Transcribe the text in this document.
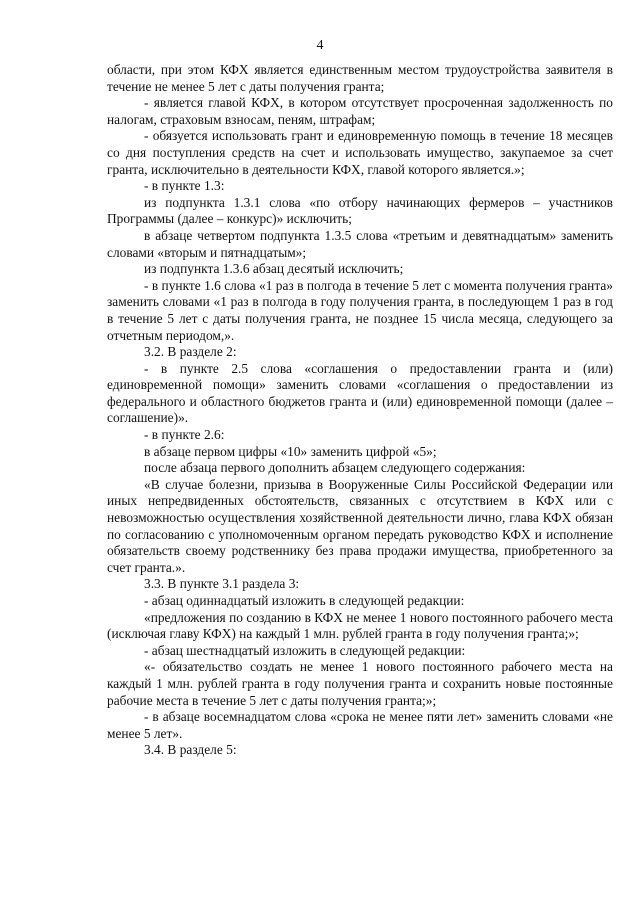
4

области, при этом КФХ является единственным местом трудоустройства заявителя в течение не менее 5 лет с даты получения гранта;

- является главой КФХ, в котором отсутствует просроченная задолженность по налогам, страховым взносам, пеням, штрафам;

- обязуется использовать грант и единовременную помощь в течение 18 месяцев со дня поступления средств на счет и использовать имущество, закупаемое за счет гранта, исключительно в деятельности КФХ, главой которого является.»;

- в пункте 1.3:

из подпункта 1.3.1 слова «по отбору начинающих фермеров – участников Программы (далее – конкурс)» исключить;

в абзаце четвертом подпункта 1.3.5 слова «третьим и девятнадцатым» заменить словами «вторым и пятнадцатым»;

из подпункта 1.3.6 абзац десятый исключить;

- в пункте 1.6 слова «1 раз в полгода в течение 5 лет с момента получения гранта» заменить словами «1 раз в полгода в году получения гранта, в последующем 1 раз в год в течение 5 лет с даты получения гранта, не позднее 15 числа месяца, следующего за отчетным периодом,».

3.2. В разделе 2:

- в пункте 2.5 слова «соглашения о предоставлении гранта и (или) единовременной помощи» заменить словами «соглашения о предоставлении из федерального и областного бюджетов гранта и (или) единовременной помощи (далее – соглашение)».

- в пункте 2.6:

в абзаце первом цифры «10» заменить цифрой «5»;

после абзаца первого дополнить абзацем следующего содержания:

«В случае болезни, призыва в Вооруженные Силы Российской Федерации или иных непредвиденных обстоятельств, связанных с отсутствием в КФХ или с невозможностью осуществления хозяйственной деятельности лично, глава КФХ обязан по согласованию с уполномоченным органом передать руководство КФХ и исполнение обязательств своему родственнику без права продажи имущества, приобретенного за счет гранта.».

3.3. В пункте 3.1 раздела 3:

- абзац одиннадцатый изложить в следующей редакции:

«предложения по созданию в КФХ не менее 1 нового постоянного рабочего места (исключая главу КФХ) на каждый 1 млн. рублей гранта в году получения гранта;»;

- абзац шестнадцатый изложить в следующей редакции:

«- обязательство создать не менее 1 нового постоянного рабочего места на каждый 1 млн. рублей гранта в году получения гранта и сохранить новые постоянные рабочие места в течение 5 лет с даты получения гранта;»;

- в абзаце восемнадцатом слова «срока не менее пяти лет» заменить словами «не менее 5 лет».

3.4. В разделе 5:
